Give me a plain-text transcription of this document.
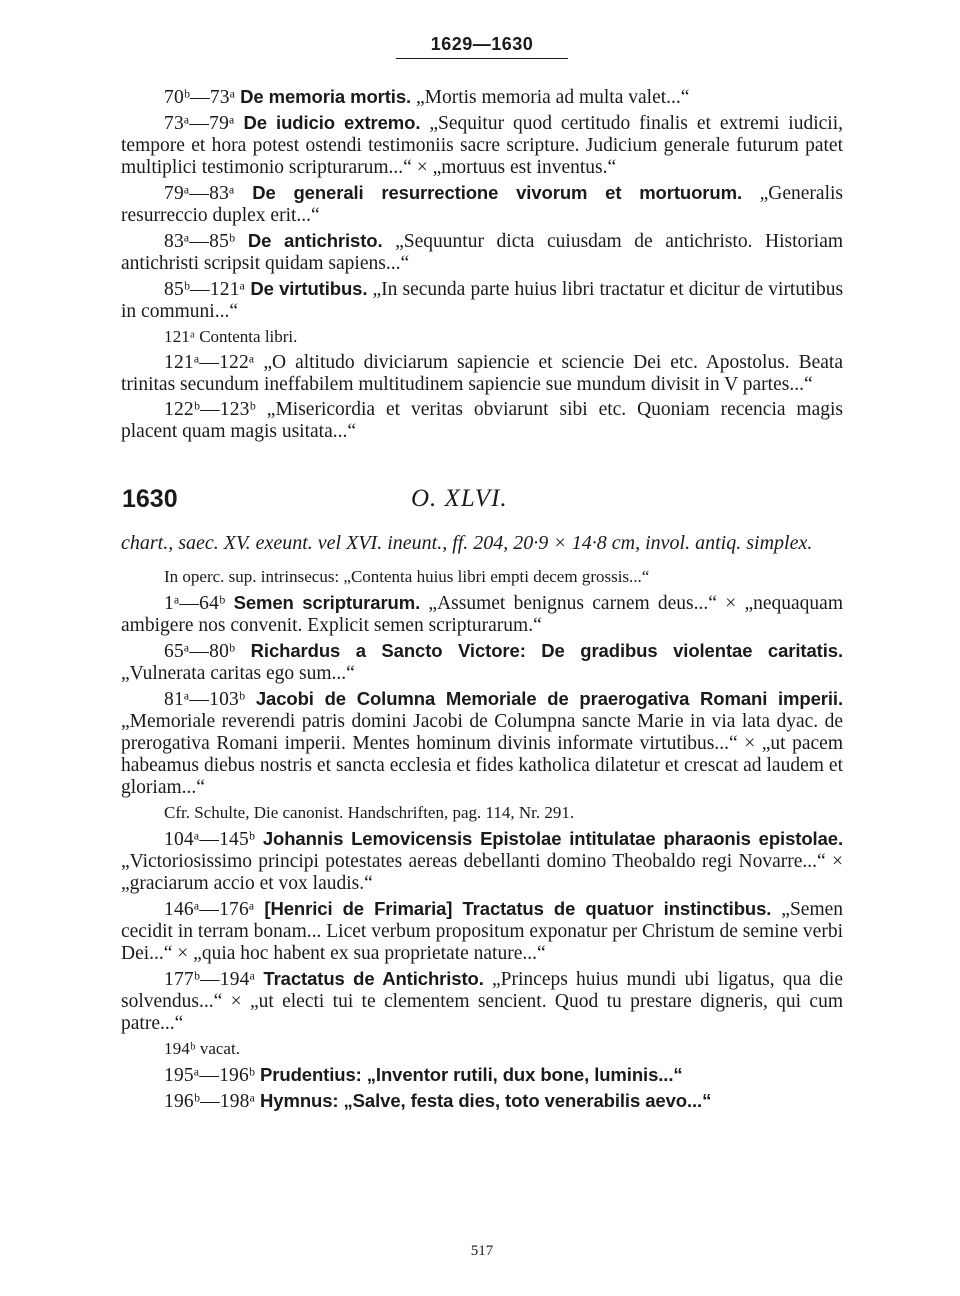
1629—1630

70ᵇ—73ᵃ De memoria mortis. „Mortis memoria ad multa valet...“

73ᵃ—79ᵃ De iudicio extremo. „Sequitur quod certitudo finalis et extremi iudicii, tempore et hora potest ostendi testimoniis sacre scripture. Judicium generale futurum patet multiplici testimonio scripturarum...“ × „mortuus est inventus.“

79ᵃ—83ᵃ De generali resurrectione vivorum et mortuorum. „Generalis resurreccio duplex erit...“

83ᵃ—85ᵇ De antichristo. „Sequuntur dicta cuiusdam de antichristo. Historiam antichristi scripsit quidam sapiens...“

85ᵇ—121ᵃ De virtutibus. „In secunda parte huius libri tractatur et dicitur de virtutibus in communi...“

121ᵃ Contenta libri.

121ᵃ—122ᵃ „O altitudo diviciarum sapiencie et sciencie Dei etc. Apostolus. Beata trinitas secundum ineffabilem multitudinem sapiencie sue mundum divisit in V partes...“

122ᵇ—123ᵇ „Misericordia et veritas obviarunt sibi etc. Quoniam recencia magis placent quam magis usitata...“

1630	O. XLVI.

chart., saec. XV. exeunt. vel XVI. ineunt., ff. 204, 20·9 × 14·8 cm, invol. antiq. simplex.

In operc. sup. intrinsecus: „Contenta huius libri empti decem grossis...“

1ᵃ—64ᵇ Semen scripturarum. „Assumet benignus carnem deus...“ × „nequaquam ambigere nos convenit. Explicit semen scripturarum.“

65ᵃ—80ᵇ Richardus a Sancto Victore: De gradibus violentae caritatis. „Vulnerata caritas ego sum...“

81ᵃ—103ᵇ Jacobi de Columna Memoriale de praerogativa Romani imperii. „Memoriale reverendi patris domini Jacobi de Columpna sancte Marie in via lata dyac. de prerogativa Romani imperii. Mentes hominum divinis informate virtutibus...“ × „ut pacem habeamus diebus nostris et sancta ecclesia et fides katholica dilatetur et crescat ad laudem et gloriam...“

Cfr. Schulte, Die canonist. Handschriften, pag. 114, Nr. 291.

104ᵃ—145ᵇ Johannis Lemovicensis Epistolae intitulatae pharaonis epistolae. „Victoriosissimo principi potestates aereas debellanti domino Theobaldo regi Novarre...“ × „graciarum accio et vox laudis.“

146ᵃ—176ᵃ [Henrici de Frimaria] Tractatus de quatuor instinctibus. „Semen cecidit in terram bonam... Licet verbum propositum exponatur per Christum de semine verbi Dei...“ × „quia hoc habent ex sua proprietate nature...“

177ᵇ—194ᵃ Tractatus de Antichristo. „Princeps huius mundi ubi ligatus, qua die solvendus...“ × „ut electi tui te clementem sencient. Quod tu prestare digneris, qui cum patre...“

194ᵇ vacat.

195ᵃ—196ᵇ Prudentius: „Inventor rutili, dux bone, luminis...“

196ᵇ—198ᵃ Hymnus: „Salve, festa dies, toto venerabilis aevo...“

517
